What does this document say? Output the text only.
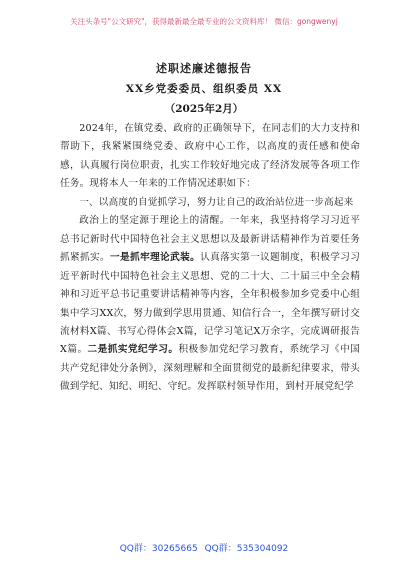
关注头条号"公文研究"，获得最新最全最专业的公文资料库！ 微信：gongwenyj
述职述廉述德报告
XX乡党委委员、组织委员 XX
（2025年2月）

2024年，在镇党委、政府的正确领导下，在同志们的大力支持和帮助下，我紧紧围绕党委、政府中心工作，以高度的责任感和使命感，认真履行岗位职责，扎实工作较好地完成了经济发展等各项工作任务。现将本人一年来的工作情况述职如下：

一、以高度的自觉抓学习，努力让自己的政治站位进一步高起来

政治上的坚定源于理论上的清醒。一年来，我坚持将学习习近平总书记新时代中国特色社会主义思想以及最新讲话精神作为首要任务抓紧抓实。一是抓牢理论武装。认真落实第一议题制度，积极学习习近平新时代中国特色社会主义思想、党的二十大、二十届三中全会精神和习近平总书记重要讲话精神等内容，全年积极参加乡党委中心组集中学习XX次，努力做到学思用贯通、知信行合一，全年撰写研讨交流材料X篇、书写心得体会X篇，记学习笔记X万余字，完成调研报告X篇。二是抓实党纪学习。积极参加党纪学习教育，系统学习《中国共产党纪律处分条例》，深刻理解和全面贯彻党的最新纪律要求，带头做到学纪、知纪、明纪、守纪。发挥联村领导作用，到村开展党纪学

QQ群：30265665 QQ群：535304092
